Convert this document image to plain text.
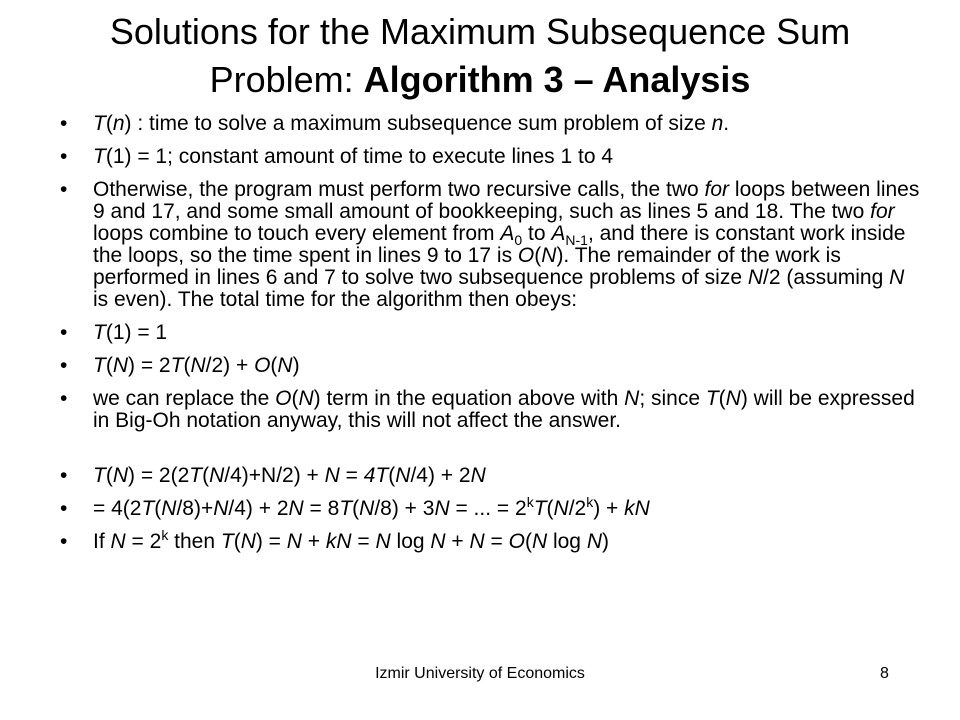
Solutions for the Maximum Subsequence Sum
Problem: Algorithm 3 – Analysis
• T(n) : time to solve a maximum subsequence sum problem of size n.
• T(1) = 1; constant amount of time to execute lines 1 to 4
• Otherwise, the program must perform two recursive calls, the two for loops between lines 9 and 17, and some small amount of bookkeeping, such as lines 5 and 18. The two for loops combine to touch every element from $A_0$ to $A_{N-1}$, and there is constant work inside the loops, so the time spent in lines 9 to 17 is O(N). The remainder of the work is performed in lines 6 and 7 to solve two subsequence problems of size N/2 (assuming N is even). The total time for the algorithm then obeys:
• T(1) = 1
• T(N) = 2T(N/2) + O(N)
• we can replace the O(N) term in the equation above with N; since T(N) will be expressed in Big-Oh notation anyway, this will not affect the answer.
• T(N) = 2(2T(N/4)+N/2) + N = 4T(N/4) + 2N
• = 4(2T(N/8)+N/4) + 2N = 8T(N/8) + 3N = ... = $2^kT(N/2^k)$ + kN
• If $N = 2^k$ then T(N) = N + kN = N log N + N = O(N log N)
Izmir University of Economics	8
